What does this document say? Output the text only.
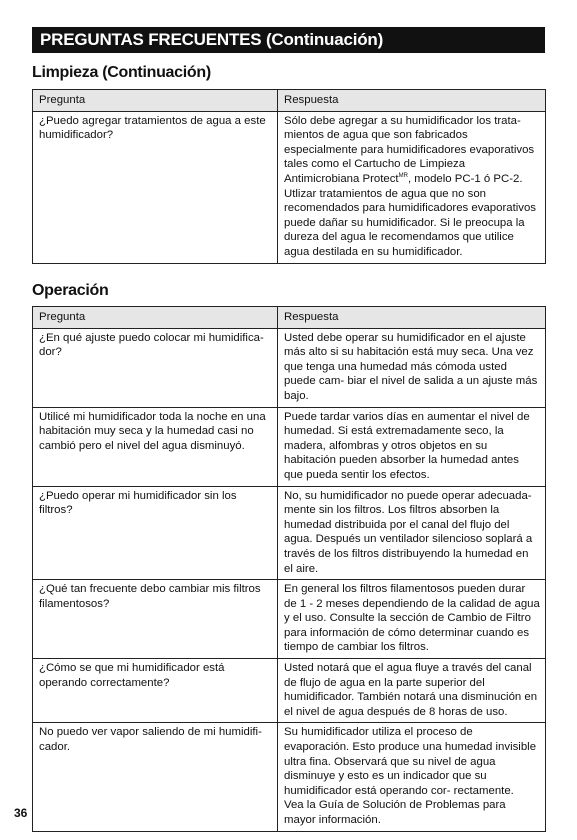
PREGUNTAS FRECUENTES (Continuación)
Limpieza (Continuación)
Pregunta	Respuesta
¿Puedo agregar tratamientos de agua a este humidificador?	Sólo debe agregar a su humidificador los trata- mientos de agua que son fabricados especialmente para humidificadores evaporativos tales como el Cartucho de Limpieza Antimicrobiana Protect$^{MR}$, modelo PC-1 ó PC-2. Utlizar tratamientos de agua que no son recomendados para humidificadores evaporativos puede dañar su humidificador. Si le preocupa la dureza del agua le recomendamos que utilice agua destilada en su humidificador.
Operación
Pregunta	Respuesta
¿En qué ajuste puedo colocar mi humidifica- dor?	Usted debe operar su humidificador en el ajuste más alto si su habitación está muy seca. Una vez que tenga una humedad más cómoda usted puede cam- biar el nivel de salida a un ajuste más bajo.
Utilicé mi humidificador toda la noche en una habitación muy seca y la humedad casi no cambió pero el nivel del agua disminuyó.	Puede tardar varios días en aumentar el nivel de humedad. Si está extremadamente seco, la madera, alfombras y otros objetos en su habitación pueden absorber la humedad antes que pueda sentir los efectos.
¿Puedo operar mi humidificador sin los filtros?	No, su humidificador no puede operar adecuada- mente sin los filtros. Los filtros absorben la humedad distribuida por el canal del flujo del agua. Después un ventilador silencioso soplará a través de los filtros distribuyendo la humedad en el aire.
¿Qué tan frecuente debo cambiar mis filtros filamentosos?	En general los filtros filamentosos pueden durar de 1 - 2 meses dependiendo de la calidad de agua y el uso. Consulte la sección de Cambio de Filtro para información de cómo determinar cuando es tiempo de cambiar los filtros.
¿Cómo se que mi humidificador está operando correctamente?	Usted notará que el agua fluye a través del canal de flujo de agua en la parte superior del humidificador. También notará una disminución en el nivel de agua después de 8 horas de uso.
No puedo ver vapor saliendo de mi humidifi- cador.	Su humidificador utiliza el proceso de evaporación. Esto produce una humedad invisible ultra fina. Observará que su nivel de agua disminuye y esto es un indicador que su humidificador está operando cor- rectamente.
Vea la Guía de Solución de Problemas para mayor información.
36
